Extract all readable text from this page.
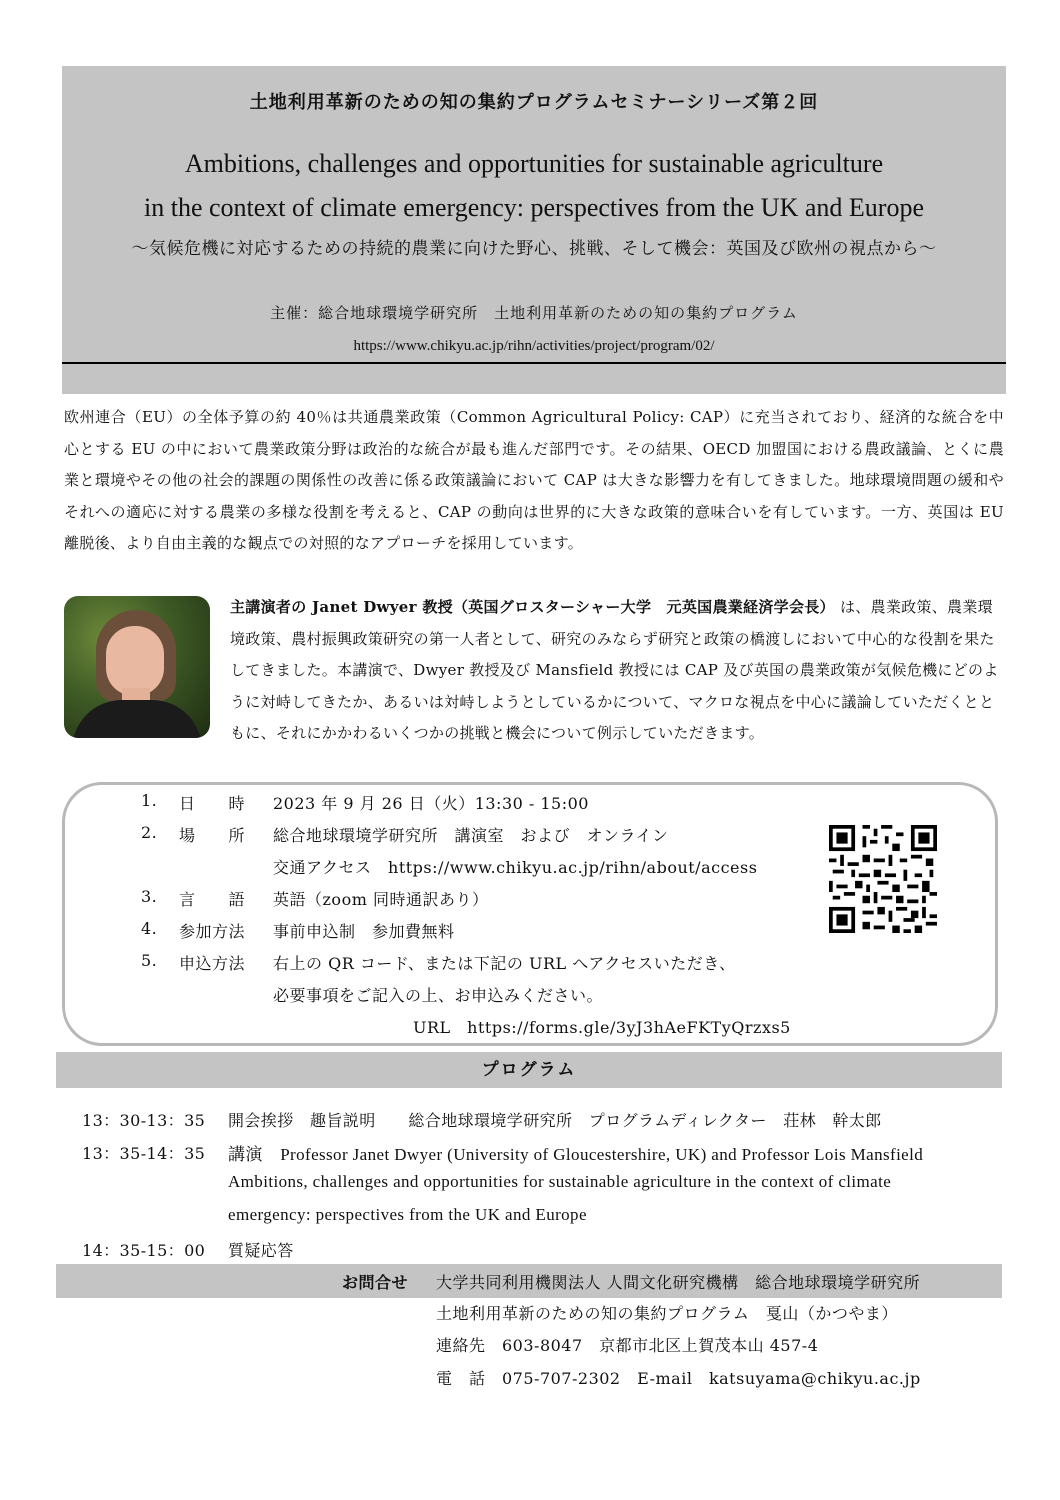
土地利用革新のための知の集約プログラムセミナーシリーズ第２回
Ambitions, challenges and opportunities for sustainable agriculture
in the context of climate emergency: perspectives from the UK and Europe
～気候危機に対応するための持続的農業に向けた野心、挑戦、そして機会：英国及び欧州の視点から～
主催：総合地球環境学研究所　土地利用革新のための知の集約プログラム
https://www.chikyu.ac.jp/rihn/activities/project/program/02/
欧州連合（EU）の全体予算の約 40％は共通農業政策（Common Agricultural Policy: CAP）に充当されており、経済的な統合を中心とする EU の中において農業政策分野は政治的な統合が最も進んだ部門です。その結果、OECD 加盟国における農政議論、とくに農業と環境やその他の社会的課題の関係性の改善に係る政策議論において CAP は大きな影響力を有してきました。地球環境問題の緩和やそれへの適応に対する農業の多様な役割を考えると、CAP の動向は世界的に大きな政策的意味合いを有しています。一方、英国は EU 離脱後、より自由主義的な観点での対照的なアプローチを採用しています。
主講演者の Janet Dwyer 教授（英国グロスターシャー大学　元英国農業経済学会長） は、農業政策、農業環境政策、農村振興政策研究の第一人者として、研究のみならず研究と政策の橋渡しにおいて中心的な役割を果たしてきました。本講演で、Dwyer 教授及び Mansfield 教授には CAP 及び英国の農業政策が気候危機にどのように対峙してきたか、あるいは対峙しようとしているかについて、マクロな視点を中心に議論していただくとともに、それにかかわるいくつかの挑戦と機会について例示していただきます。
1. 日　　時 2023 年 9 月 26 日（火）13:30 - 15:00
2. 場　　所 総合地球環境学研究所　講演室　および　オンライン
交通アクセス　https://www.chikyu.ac.jp/rihn/about/access
3. 言　　語 英語（zoom 同時通訳あり）
4. 参加方法 事前申込制　参加費無料
5. 申込方法 右上の QR コード、または下記の URL へアクセスいただき、
必要事項をご記入の上、お申込みください。
URL　https://forms.gle/3yJ3hAeFKTyQrzxs5
プログラム
13：30-13：35 開会挨拶　趣旨説明　　総合地球環境学研究所　プログラムディレクター　荘林　幹太郎
13：35-14：35 講演　Professor Janet Dwyer (University of Gloucestershire, UK) and Professor Lois Mansfield
Ambitions, challenges and opportunities for sustainable agriculture in the context of climate
emergency: perspectives from the UK and Europe
14：35-15：00 質疑応答
お問合せ 大学共同利用機関法人 人間文化研究機構　総合地球環境学研究所
土地利用革新のための知の集約プログラム　戛山（かつやま）
連絡先　603-8047　京都市北区上賀茂本山 457-4
電　話　075-707-2302　E-mail　katsuyama@chikyu.ac.jp
